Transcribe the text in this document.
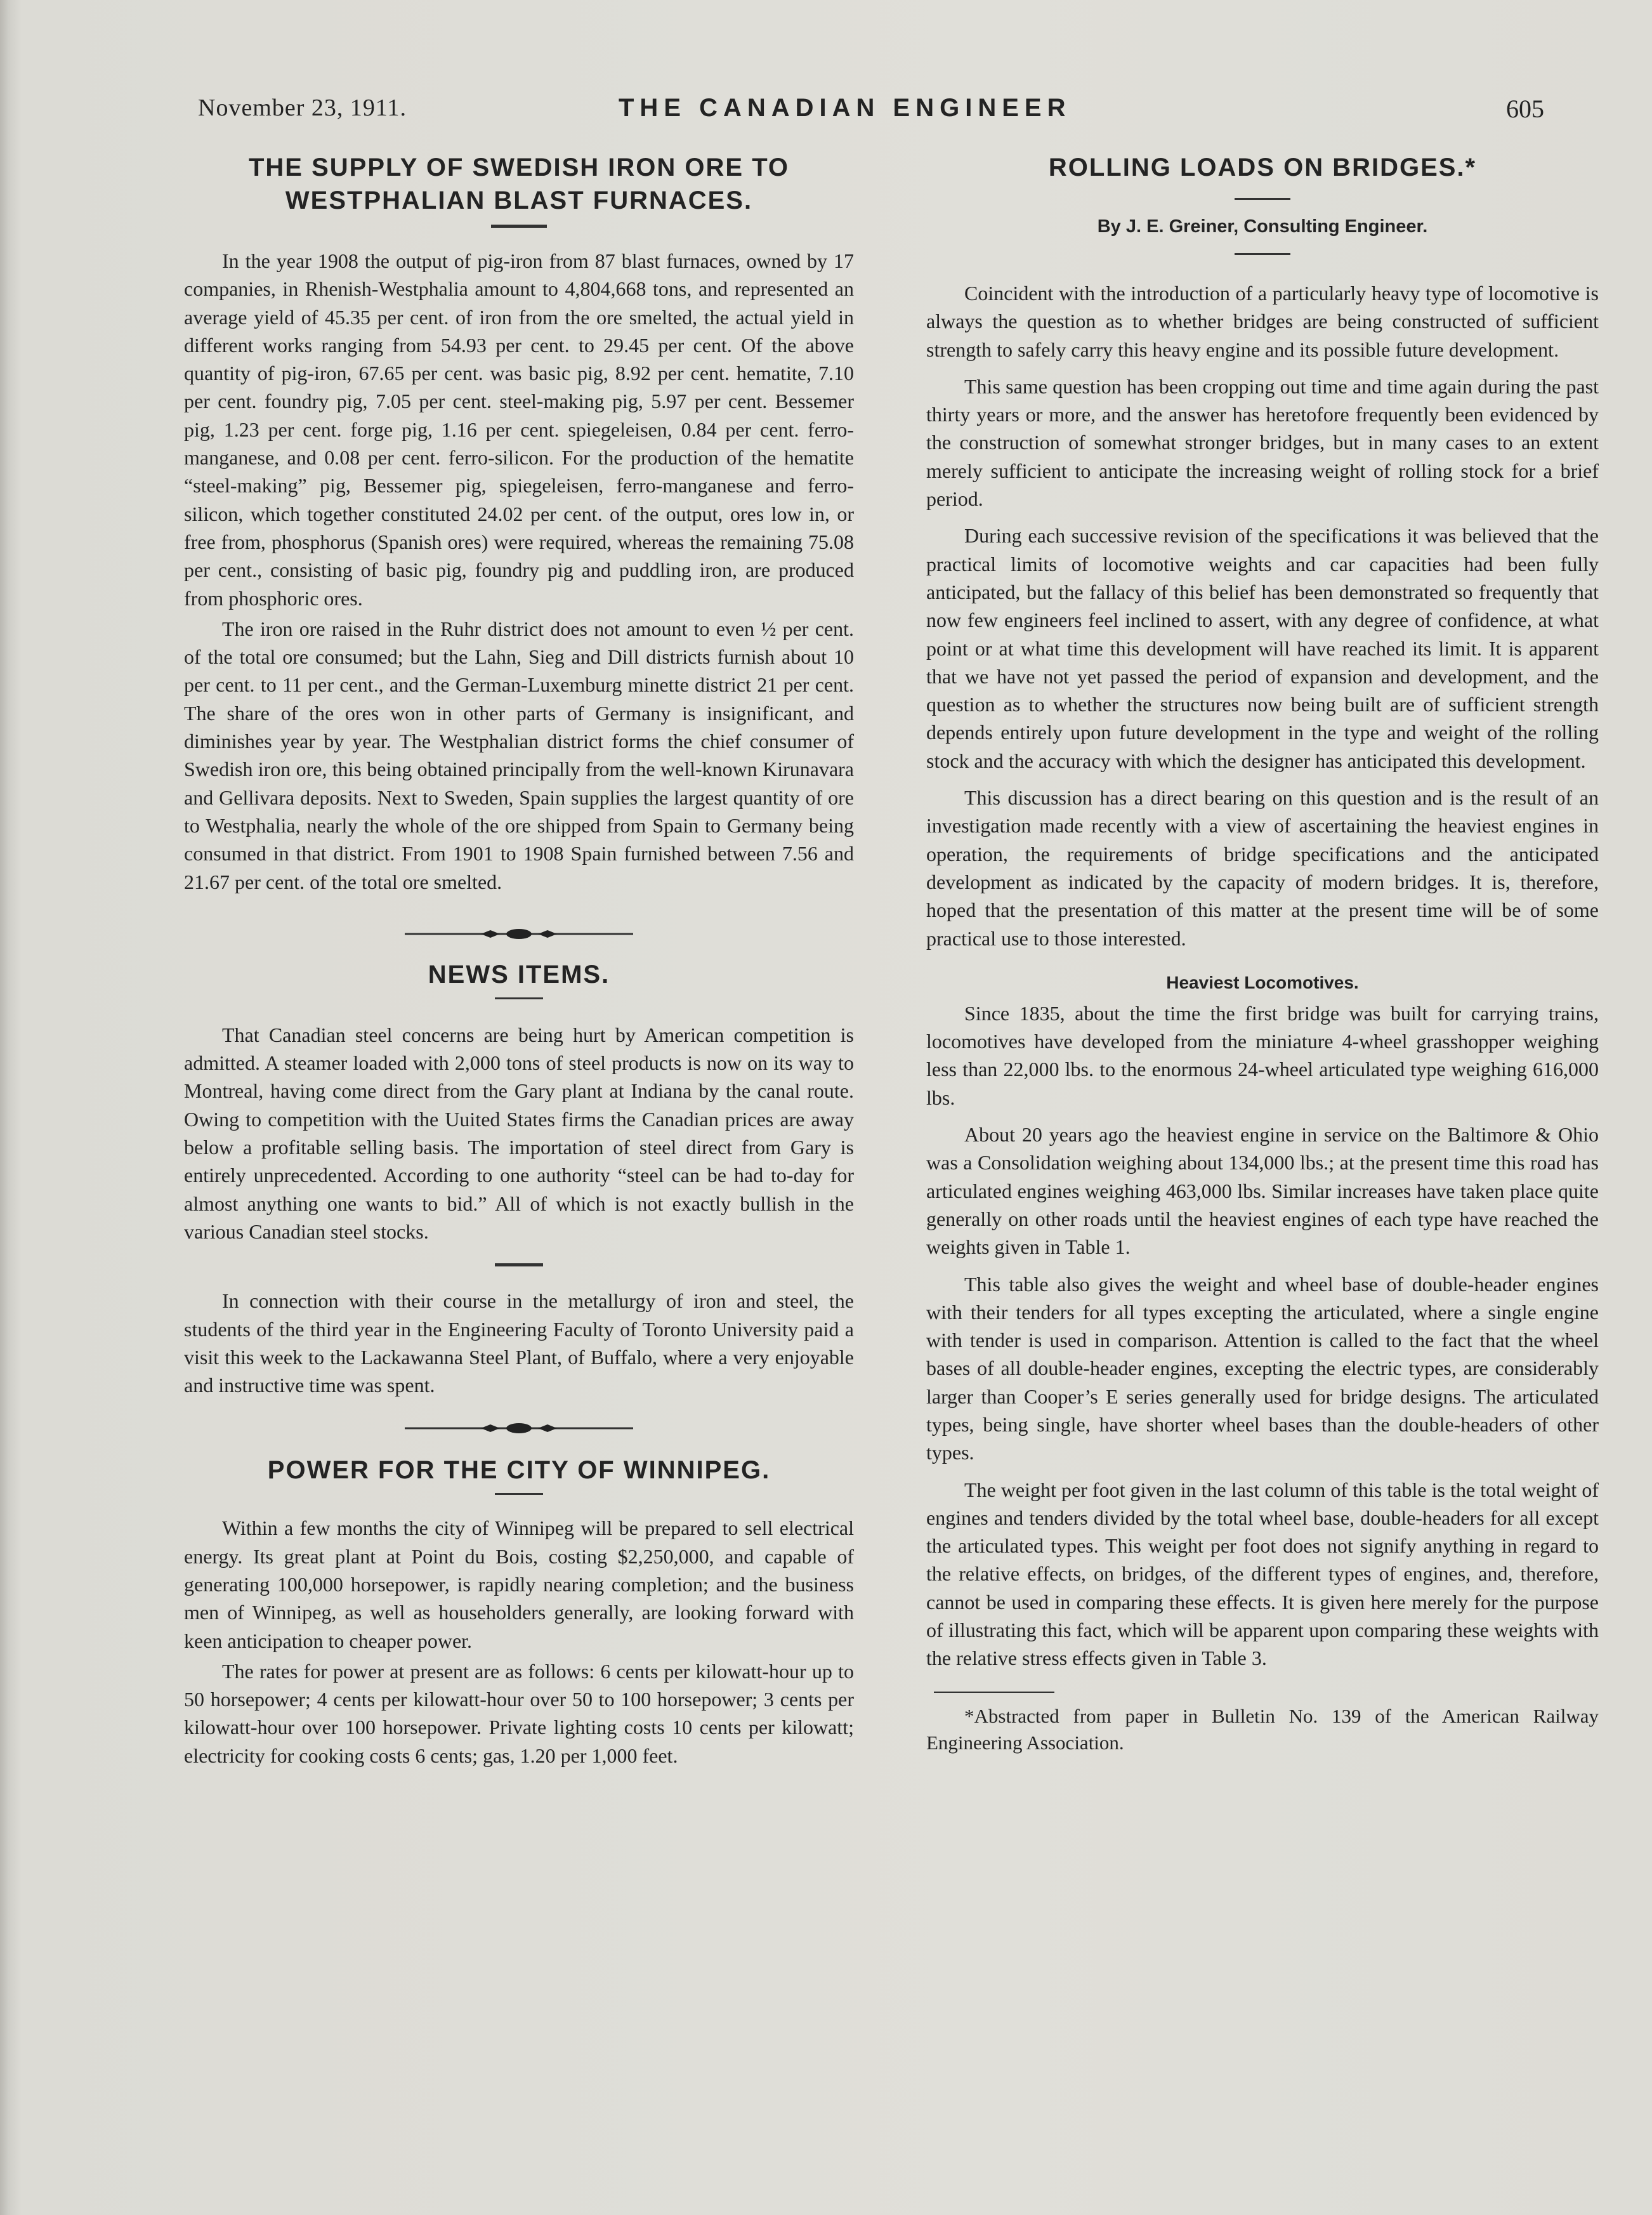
November 23, 1911.	THE CANADIAN ENGINEER	605
THE SUPPLY OF SWEDISH IRON ORE TO
WESTPHALIAN BLAST FURNACES.

In the year 1908 the output of pig-iron from 87 blast furnaces, owned by 17 companies, in Rhenish-Westphalia amount to 4,804,668 tons, and represented an average yield of 45.35 per cent. of iron from the ore smelted, the actual yield in different works ranging from 54.93 per cent. to 29.45 per cent. Of the above quantity of pig-iron, 67.65 per cent. was basic pig, 8.92 per cent. hematite, 7.10 per cent. foundry pig, 7.05 per cent. steel-making pig, 5.97 per cent. Bessemer pig, 1.23 per cent. forge pig, 1.16 per cent. spiegeleisen, 0.84 per cent. ferro-manganese, and 0.08 per cent. ferro-silicon. For the production of the hematite “steel-making” pig, Bessemer pig, spiegeleisen, ferro-manganese and ferro-silicon, which together constituted 24.02 per cent. of the output, ores low in, or free from, phosphorus (Spanish ores) were required, whereas the remaining 75.08 per cent., consisting of basic pig, foundry pig and puddling iron, are produced from phosphoric ores.

The iron ore raised in the Ruhr district does not amount to even ½ per cent. of the total ore consumed; but the Lahn, Sieg and Dill districts furnish about 10 per cent. to 11 per cent., and the German-Luxemburg minette district 21 per cent. The share of the ores won in other parts of Germany is insignificant, and diminishes year by year. The Westphalian district forms the chief consumer of Swedish iron ore, this being obtained principally from the well-known Kirunavara and Gellivara deposits. Next to Sweden, Spain supplies the largest quantity of ore to Westphalia, nearly the whole of the ore shipped from Spain to Germany being consumed in that district. From 1901 to 1908 Spain furnished between 7.56 and 21.67 per cent. of the total ore smelted.

NEWS ITEMS.

That Canadian steel concerns are being hurt by American competition is admitted. A steamer loaded with 2,000 tons of steel products is now on its way to Montreal, having come direct from the Gary plant at Indiana by the canal route. Owing to competition with the Uuited States firms the Canadian prices are away below a profitable selling basis. The importation of steel direct from Gary is entirely unprecedented. According to one authority “steel can be had to-day for almost anything one wants to bid.” All of which is not exactly bullish in the various Canadian steel stocks.

In connection with their course in the metallurgy of iron and steel, the students of the third year in the Engineering Faculty of Toronto University paid a visit this week to the Lackawanna Steel Plant, of Buffalo, where a very enjoyable and instructive time was spent.

POWER FOR THE CITY OF WINNIPEG.

Within a few months the city of Winnipeg will be prepared to sell electrical energy. Its great plant at Point du Bois, costing $2,250,000, and capable of generating 100,000 horsepower, is rapidly nearing completion; and the business men of Winnipeg, as well as householders generally, are looking forward with keen anticipation to cheaper power.

The rates for power at present are as follows: 6 cents per kilowatt-hour up to 50 horsepower; 4 cents per kilowatt-hour over 50 to 100 horsepower; 3 cents per kilowatt-hour over 100 horsepower. Private lighting costs 10 cents per kilowatt; electricity for cooking costs 6 cents; gas, 1.20 per 1,000 feet.

ROLLING LOADS ON BRIDGES.*
By J. E. Greiner, Consulting Engineer.

Coincident with the introduction of a particularly heavy type of locomotive is always the question as to whether bridges are being constructed of sufficient strength to safely carry this heavy engine and its possible future development.

This same question has been cropping out time and time again during the past thirty years or more, and the answer has heretofore frequently been evidenced by the construction of somewhat stronger bridges, but in many cases to an extent merely sufficient to anticipate the increasing weight of rolling stock for a brief period.

During each successive revision of the specifications it was believed that the practical limits of locomotive weights and car capacities had been fully anticipated, but the fallacy of this belief has been demonstrated so frequently that now few engineers feel inclined to assert, with any degree of confidence, at what point or at what time this development will have reached its limit. It is apparent that we have not yet passed the period of expansion and development, and the question as to whether the structures now being built are of sufficient strength depends entirely upon future development in the type and weight of the rolling stock and the accuracy with which the designer has anticipated this development.

This discussion has a direct bearing on this question and is the result of an investigation made recently with a view of ascertaining the heaviest engines in operation, the requirements of bridge specifications and the anticipated development as indicated by the capacity of modern bridges. It is, therefore, hoped that the presentation of this matter at the present time will be of some practical use to those interested.

Heaviest Locomotives.

Since 1835, about the time the first bridge was built for carrying trains, locomotives have developed from the miniature 4-wheel grasshopper weighing less than 22,000 lbs. to the enormous 24-wheel articulated type weighing 616,000 lbs.

About 20 years ago the heaviest engine in service on the Baltimore & Ohio was a Consolidation weighing about 134,000 lbs.; at the present time this road has articulated engines weighing 463,000 lbs. Similar increases have taken place quite generally on other roads until the heaviest engines of each type have reached the weights given in Table 1.

This table also gives the weight and wheel base of double-header engines with their tenders for all types excepting the articulated, where a single engine with tender is used in comparison. Attention is called to the fact that the wheel bases of all double-header engines, excepting the electric types, are considerably larger than Cooper’s E series generally used for bridge designs. The articulated types, being single, have shorter wheel bases than the double-headers of other types.

The weight per foot given in the last column of this table is the total weight of engines and tenders divided by the total wheel base, double-headers for all except the articulated types. This weight per foot does not signify anything in regard to the relative effects, on bridges, of the different types of engines, and, therefore, cannot be used in comparing these effects. It is given here merely for the purpose of illustrating this fact, which will be apparent upon comparing these weights with the relative stress effects given in Table 3.

*Abstracted from paper in Bulletin No. 139 of the American Railway Engineering Association.
